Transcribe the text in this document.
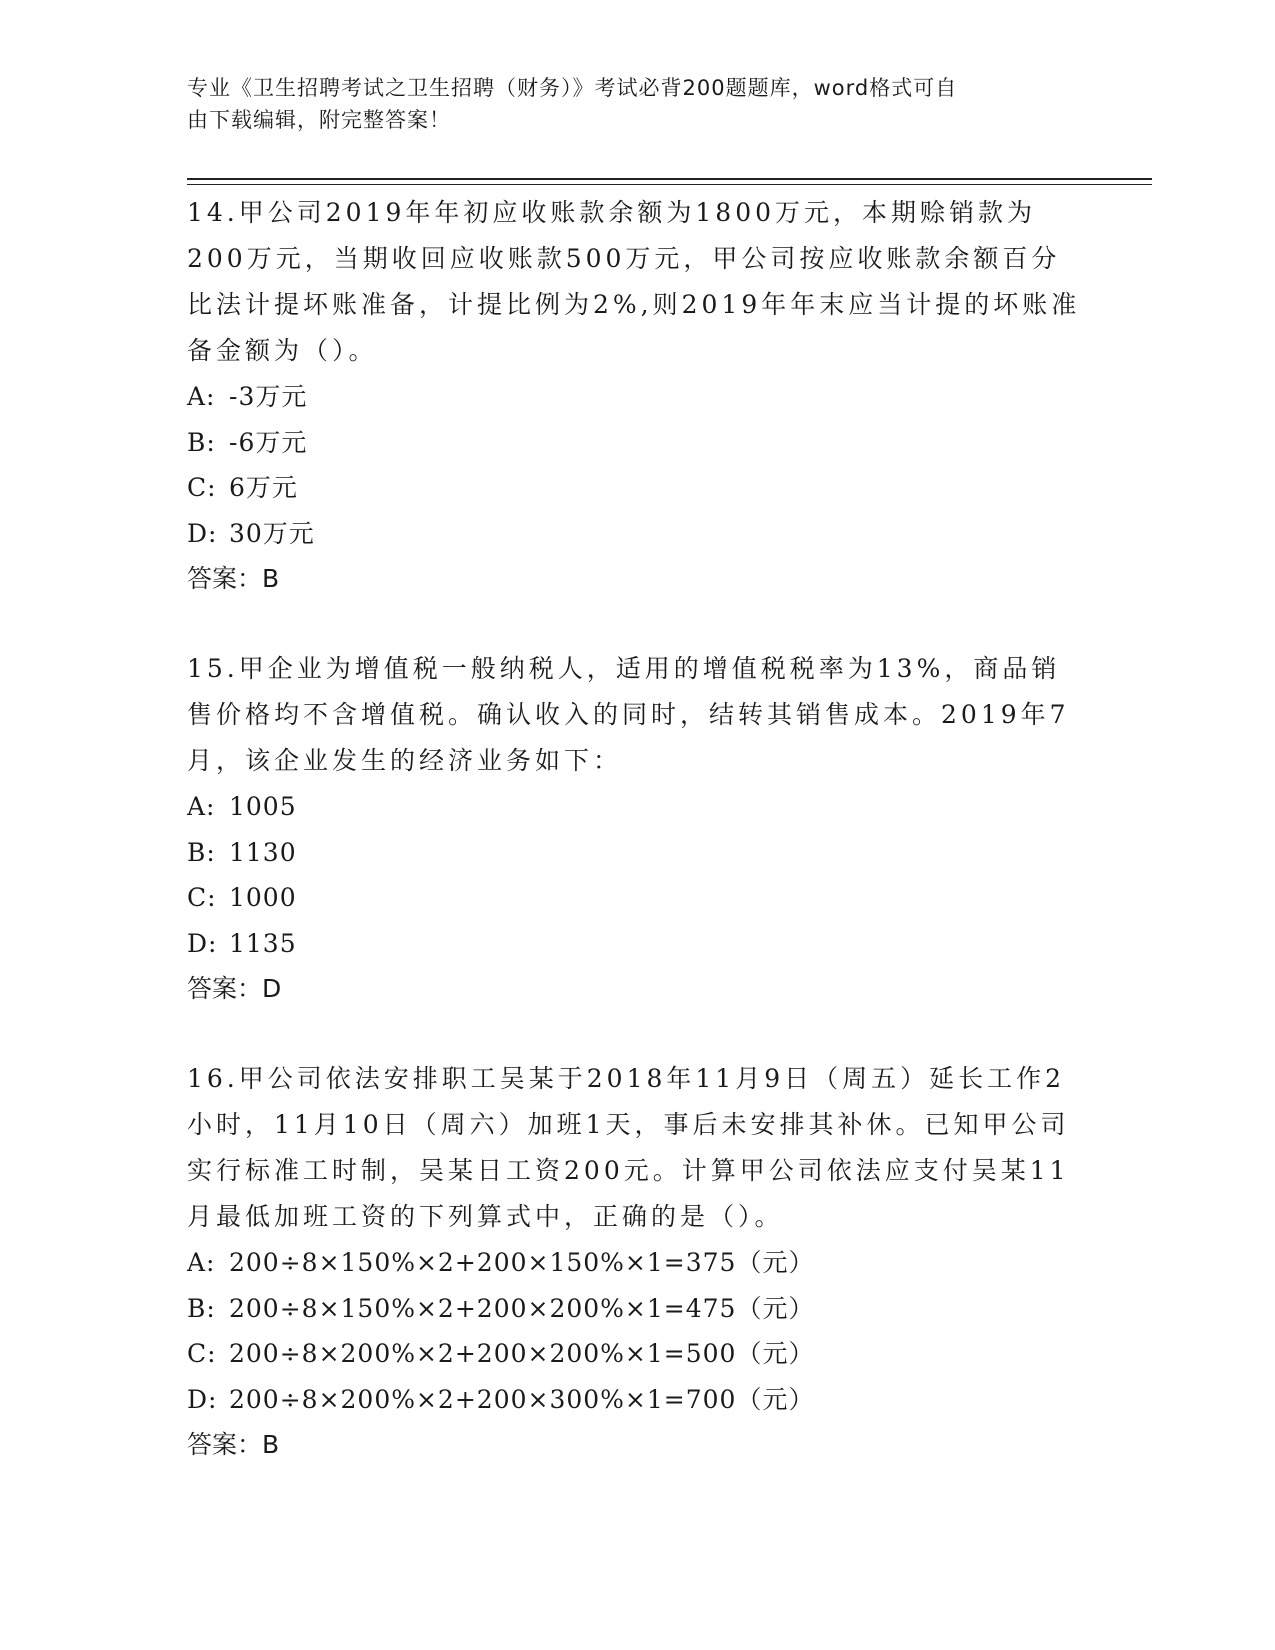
专业《卫生招聘考试之卫生招聘（财务）》考试必背200题题库，word格式可自
由下载编辑，附完整答案！

14.甲公司2019年年初应收账款余额为1800万元，本期赊销款为200万元，当期收回应收账款500万元，甲公司按应收账款余额百分比法计提坏账准备，计提比例为2%,则2019年年末应当计提的坏账准备金额为（）。

A: -3万元

B: -6万元

C: 6万元

D: 30万元

答案：B

15.甲企业为增值税一般纳税人，适用的增值税税率为13%，商品销售价格均不含增值税。确认收入的同时，结转其销售成本。2019年7月，该企业发生的经济业务如下：

A: 1005

B: 1130

C: 1000

D: 1135

答案：D

16.甲公司依法安排职工吴某于2018年11月9日（周五）延长工作2小时，11月10日（周六）加班1天，事后未安排其补休。已知甲公司实行标准工时制，吴某日工资200元。计算甲公司依法应支付吴某11月最低加班工资的下列算式中，正确的是（）。

A: 200÷8×150%×2+200×150%×1=375（元）

B: 200÷8×150%×2+200×200%×1=475（元）

C: 200÷8×200%×2+200×200%×1=500（元）

D: 200÷8×200%×2+200×300%×1=700（元）

答案：B
